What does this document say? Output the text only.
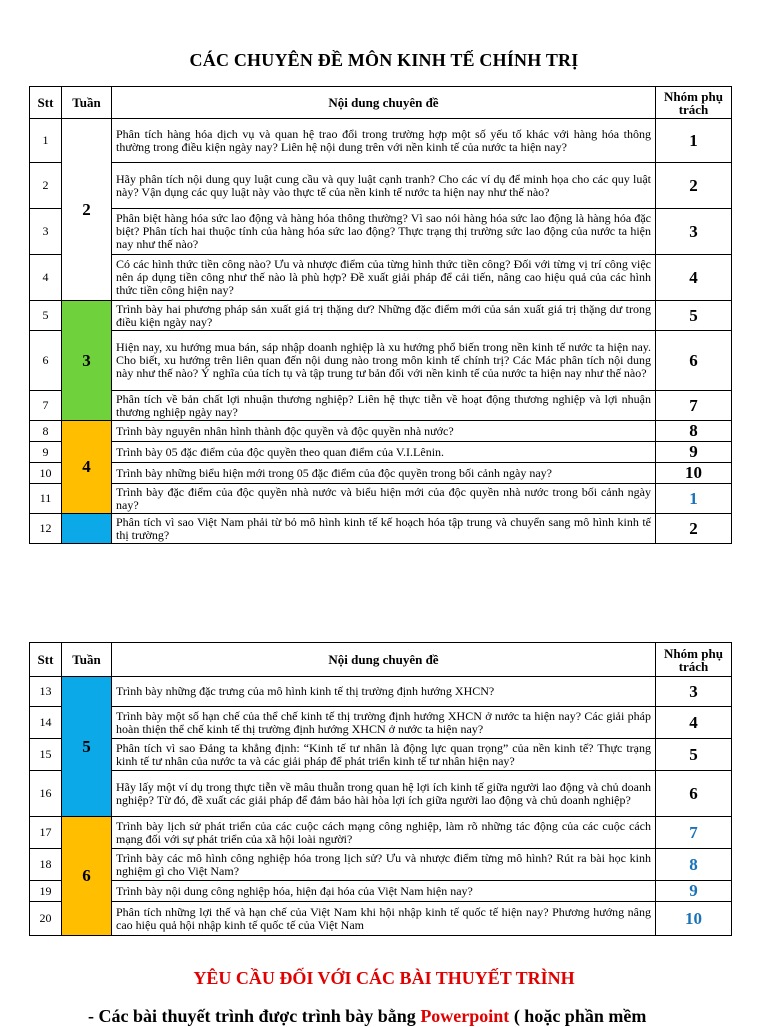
CÁC CHUYÊN ĐỀ MÔN KINH TẾ CHÍNH TRỊ
Stt	Tuần	Nội dung chuyên đề	Nhóm phụ trách
1	2	Phân tích hàng hóa dịch vụ và quan hệ trao đổi trong trường hợp một số yếu tố khác với hàng hóa thông thường trong điều kiện ngày nay? Liên hệ nội dung trên với nền kinh tế của nước ta hiện nay?	1
2		Hãy phân tích nội dung quy luật cung cầu và quy luật cạnh tranh? Cho các ví dụ để minh họa cho các quy luật này? Vận dụng các quy luật này vào thực tế của nền kinh tế nước ta hiện nay như thế nào?	2
3		Phân biệt hàng hóa sức lao động và hàng hóa thông thường? Vì sao nói hàng hóa sức lao động là hàng hóa đặc biệt? Phân tích hai thuộc tính của hàng hóa sức lao động? Thực trạng thị trường sức lao động của nước ta hiện nay như thế nào?	3
4		Có các hình thức tiền công nào? Ưu và nhược điểm của từng hình thức tiền công? Đối với từng vị trí công việc nên áp dụng tiền công như thế nào là phù hợp? Đề xuất giải pháp để cải tiến, nâng cao hiệu quả của các hình thức tiền công hiện nay?	4
5	3	Trình bày hai phương pháp sản xuất giá trị thặng dư? Những đặc điểm mới của sản xuất giá trị thặng dư trong điều kiện ngày nay?	5
6		Hiện nay, xu hướng mua bán, sáp nhập doanh nghiệp là xu hướng phổ biến trong nền kinh tế nước ta hiện nay. Cho biết, xu hướng trên liên quan đến nội dung nào trong môn kinh tế chính trị? Các Mác phân tích nội dung này như thế nào? Ý nghĩa của tích tụ và tập trung tư bản đối với nền kinh tế của nước ta hiện nay như thế nào?	6
7		Phân tích về bản chất lợi nhuận thương nghiệp? Liên hệ thực tiễn về hoạt động thương nghiệp và lợi nhuận thương nghiệp ngày nay?	7
8	4	Trình bày nguyên nhân hình thành độc quyền và độc quyền nhà nước?	8
9		Trình bày 05 đặc điểm của độc quyền theo quan điểm của V.I.Lênin.	9
10		Trình bày những biểu hiện mới trong 05 đặc điểm của độc quyền trong bối cảnh ngày nay?	10
11		Trình bày đặc điểm của độc quyền nhà nước và biểu hiện mới của độc quyền nhà nước trong bối cảnh ngày nay?	1
12		Phân tích vì sao Việt Nam phải từ bỏ mô hình kinh tế kế hoạch hóa tập trung và chuyển sang mô hình kinh tế thị trường?	2
Stt	Tuần	Nội dung chuyên đề	Nhóm phụ trách
13	5	Trình bày những đặc trưng của mô hình kinh tế thị trường định hướng XHCN?	3
14		Trình bày một số hạn chế của thể chế kinh tế thị trường định hướng XHCN ở nước ta hiện nay? Các giải pháp hoàn thiện thể chế kinh tế thị trường định hướng XHCN ở nước ta hiện nay?	4
15		Phân tích vì sao Đảng ta khẳng định: “Kinh tế tư nhân là động lực quan trọng” của nền kinh tế? Thực trạng kinh tế tư nhân của nước ta và các giải pháp để phát triển kinh tế tư nhân hiện nay?	5
16		Hãy lấy một ví dụ trong thực tiễn về mâu thuẫn trong quan hệ lợi ích kinh tế giữa người lao động và chủ doanh nghiệp? Từ đó, đề xuất các giải pháp để đảm bảo hài hòa lợi ích giữa người lao động và chủ doanh nghiệp?	6
17	6	Trình bày lịch sử phát triển của các cuộc cách mạng công nghiệp, làm rõ những tác động của các cuộc cách mạng đối với sự phát triển của xã hội loài người?	7
18		Trình bày các mô hình công nghiệp hóa trong lịch sử? Ưu và nhược điểm từng mô hình? Rút ra bài học kinh nghiệm gì cho Việt Nam?	8
19		Trình bày nội dung công nghiệp hóa, hiện đại hóa của Việt Nam hiện nay?	9
20		Phân tích những lợi thế và hạn chế của Việt Nam khi hội nhập kinh tế quốc tế hiện nay? Phương hướng nâng cao hiệu quả hội nhập kinh tế quốc tế của Việt Nam	10
YÊU CẦU ĐỐI VỚI CÁC BÀI THUYẾT TRÌNH
- Các bài thuyết trình được trình bày bằng Powerpoint ( hoặc phần mềm
